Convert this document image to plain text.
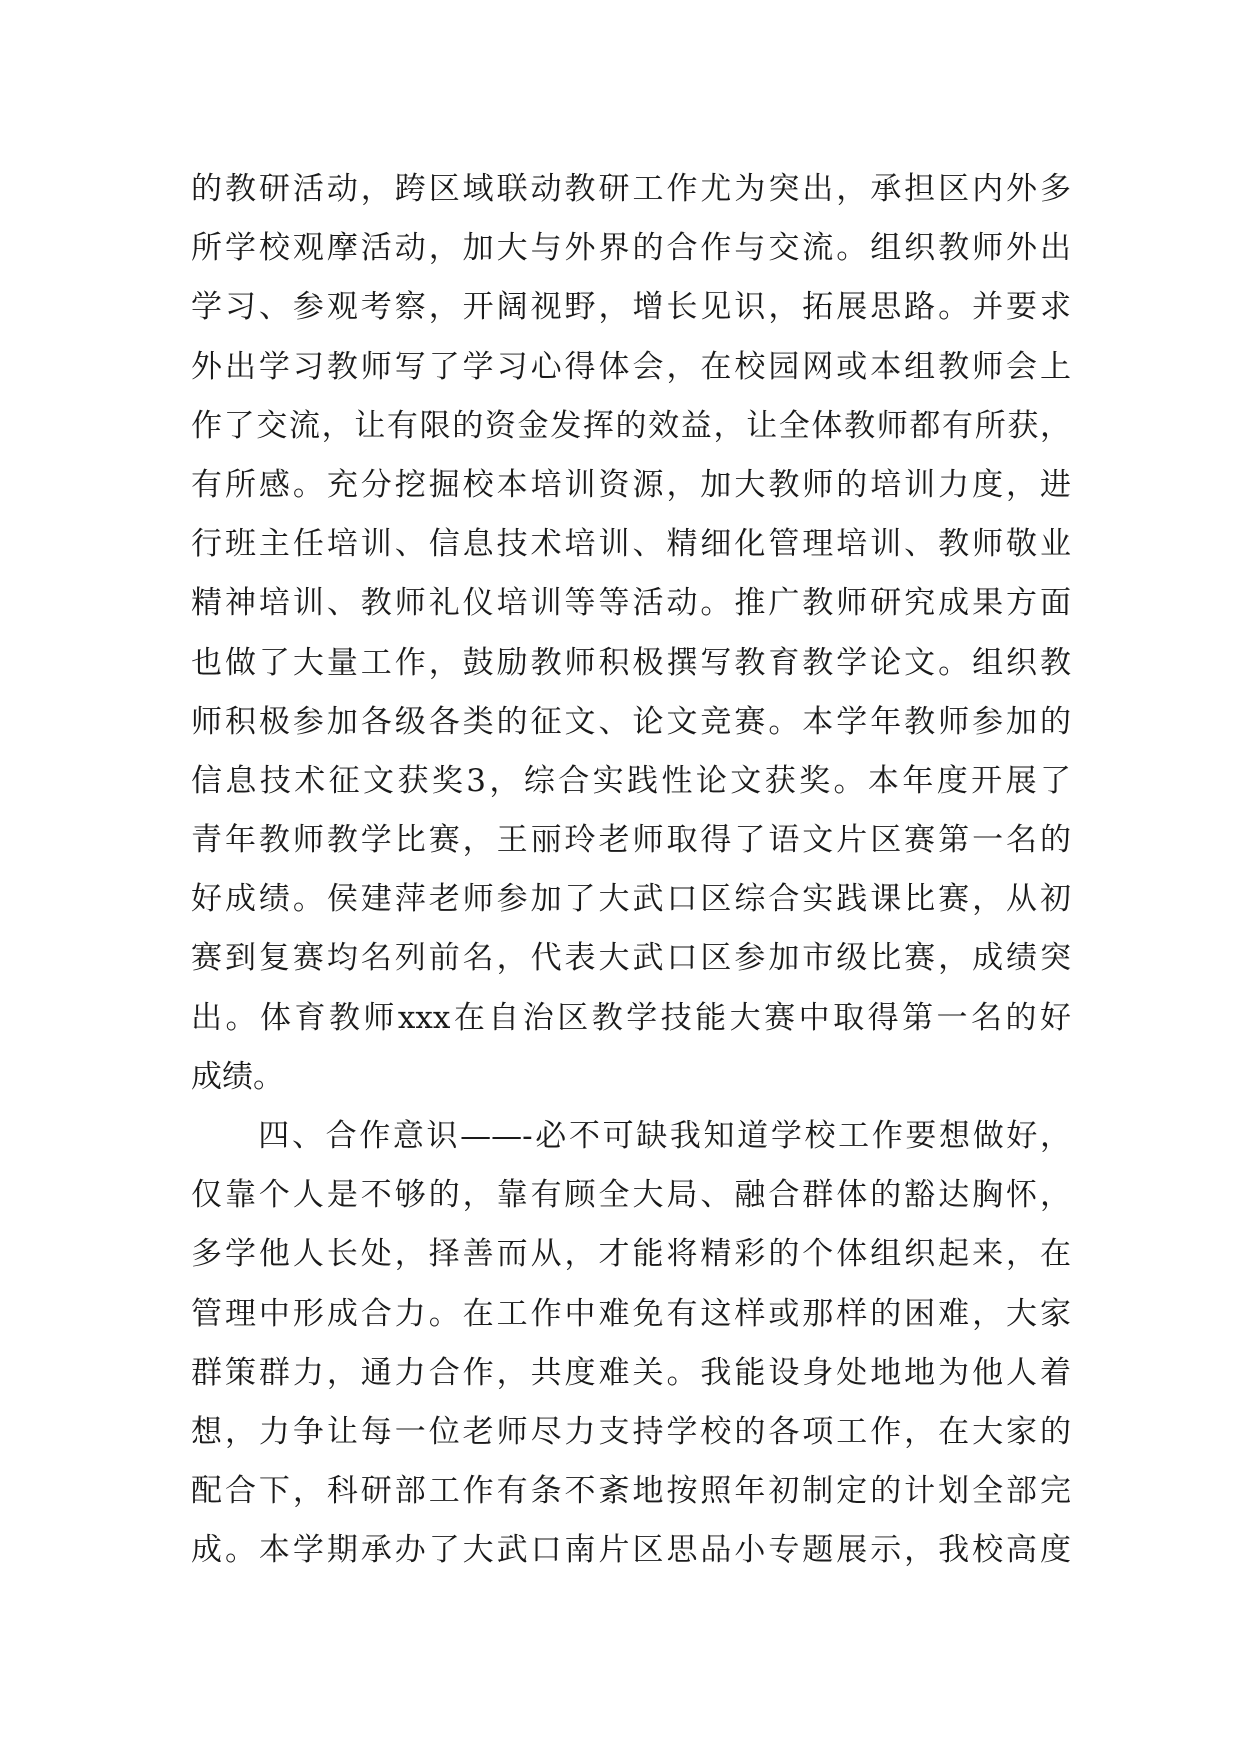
的教研活动，跨区域联动教研工作尤为突出，承担区内外多
所学校观摩活动，加大与外界的合作与交流。组织教师外出
学习、参观考察，开阔视野，增长见识，拓展思路。并要求
外出学习教师写了学习心得体会，在校园网或本组教师会上
作了交流，让有限的资金发挥的效益，让全体教师都有所获，
有所感。充分挖掘校本培训资源，加大教师的培训力度，进
行班主任培训、信息技术培训、精细化管理培训、教师敬业
精神培训、教师礼仪培训等等活动。推广教师研究成果方面
也做了大量工作，鼓励教师积极撰写教育教学论文。组织教
师积极参加各级各类的征文、论文竞赛。本学年教师参加的
信息技术征文获奖3，综合实践性论文获奖。本年度开展了
青年教师教学比赛，王丽玲老师取得了语文片区赛第一名的
好成绩。侯建萍老师参加了大武口区综合实践课比赛，从初
赛到复赛均名列前名，代表大武口区参加市级比赛，成绩突
出。体育教师xxx在自治区教学技能大赛中取得第一名的好
成绩。
　　四、合作意识——-必不可缺我知道学校工作要想做好，
仅靠个人是不够的，靠有顾全大局、融合群体的豁达胸怀，
多学他人长处，择善而从，才能将精彩的个体组织起来，在
管理中形成合力。在工作中难免有这样或那样的困难，大家
群策群力，通力合作，共度难关。我能设身处地地为他人着
想，力争让每一位老师尽力支持学校的各项工作，在大家的
配合下，科研部工作有条不紊地按照年初制定的计划全部完
成。本学期承办了大武口南片区思品小专题展示，我校高度
